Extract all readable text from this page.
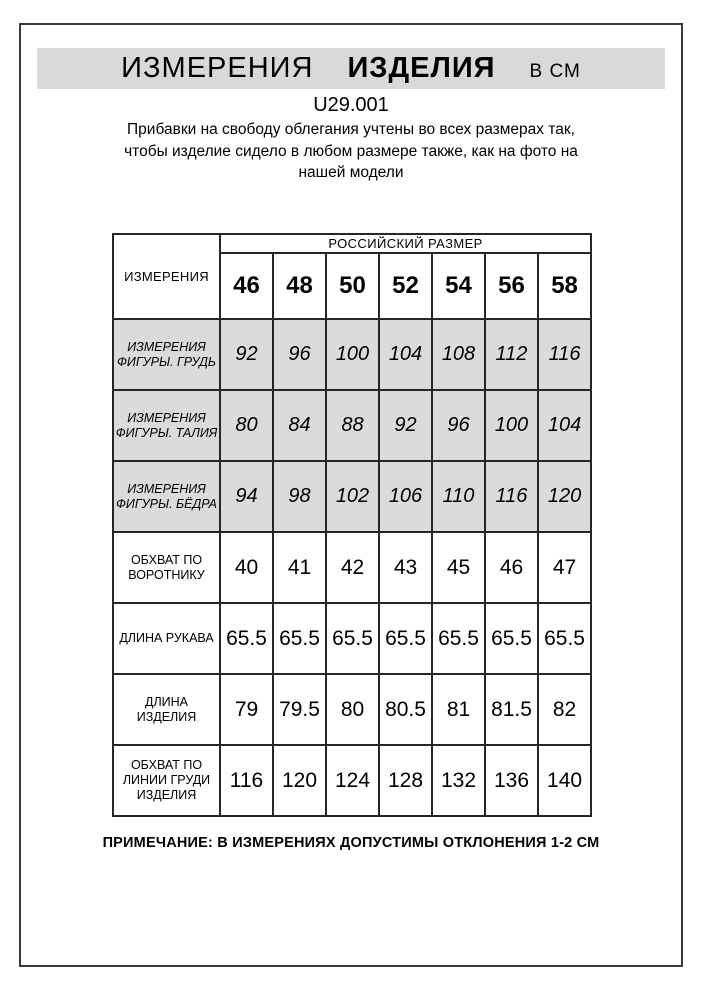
ИЗМЕРЕНИЯ ИЗДЕЛИЯ В СМ
U29.001
Прибавки на свободу облегания учтены во всех размерах так,
чтобы изделие сидело в любом размере также, как на фото на
нашей модели
ИЗМЕРЕНИЯ	РОССИЙСКИЙ РАЗМЕР						
	46	48	50	52	54	56	58
ИЗМЕРЕНИЯ ФИГУРЫ. ГРУДЬ	92	96	100	104	108	112	116
ИЗМЕРЕНИЯ ФИГУРЫ. ТАЛИЯ	80	84	88	92	96	100	104
ИЗМЕРЕНИЯ ФИГУРЫ. БЁДРА	94	98	102	106	110	116	120
ОБХВАТ ПО ВОРОТНИКУ	40	41	42	43	45	46	47
ДЛИНА РУКАВА	65.5	65.5	65.5	65.5	65.5	65.5	65.5
ДЛИНА ИЗДЕЛИЯ	79	79.5	80	80.5	81	81.5	82
ОБХВАТ ПО ЛИНИИ ГРУДИ ИЗДЕЛИЯ	116	120	124	128	132	136	140
ПРИМЕЧАНИЕ: В ИЗМЕРЕНИЯХ ДОПУСТИМЫ ОТКЛОНЕНИЯ 1-2 СМ
